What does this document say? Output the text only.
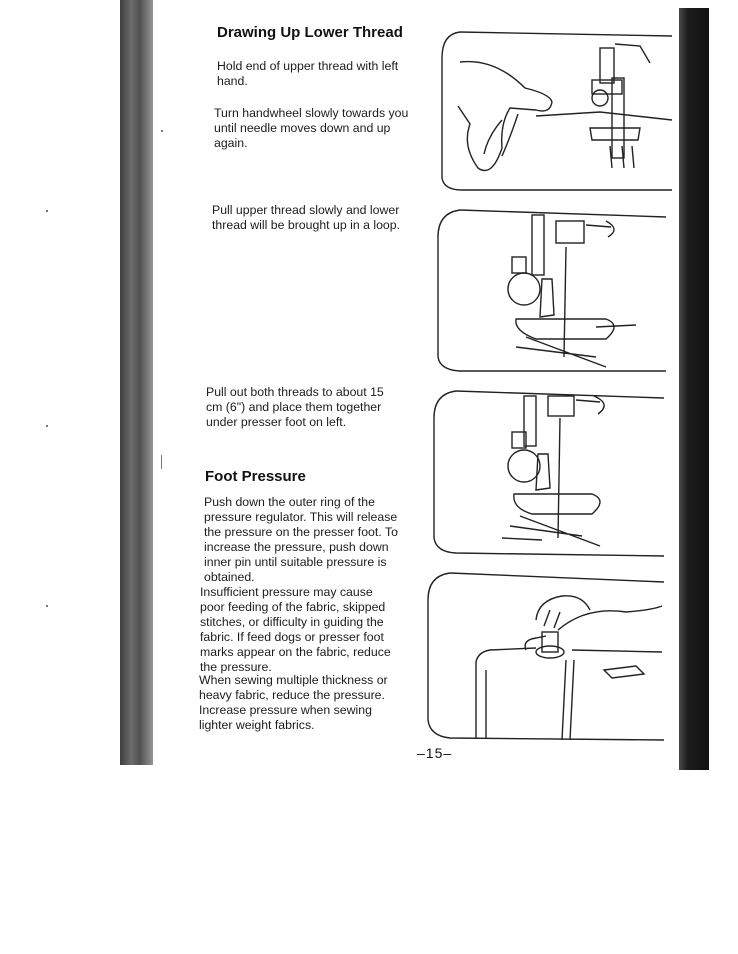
Drawing Up Lower Thread
Hold end of upper thread with left hand.
Turn handwheel slowly towards you until needle moves down and up again.
Pull upper thread slowly and lower thread will be brought up in a loop.
Pull out both threads to about 15 cm (6") and place them together under presser foot on left.
Foot Pressure
Push down the outer ring of the pressure regulator. This will release the pressure on the presser foot. To increase the pressure, push down inner pin until suitable pressure is obtained.
Insufficient pressure may cause poor feeding of the fabric, skipped stitches, or difficulty in guiding the fabric. If feed dogs or presser foot marks appear on the fabric, reduce the pressure.
When sewing multiple thickness or heavy fabric, reduce the pressure. Increase pressure when sewing lighter weight fabrics.
–15–
